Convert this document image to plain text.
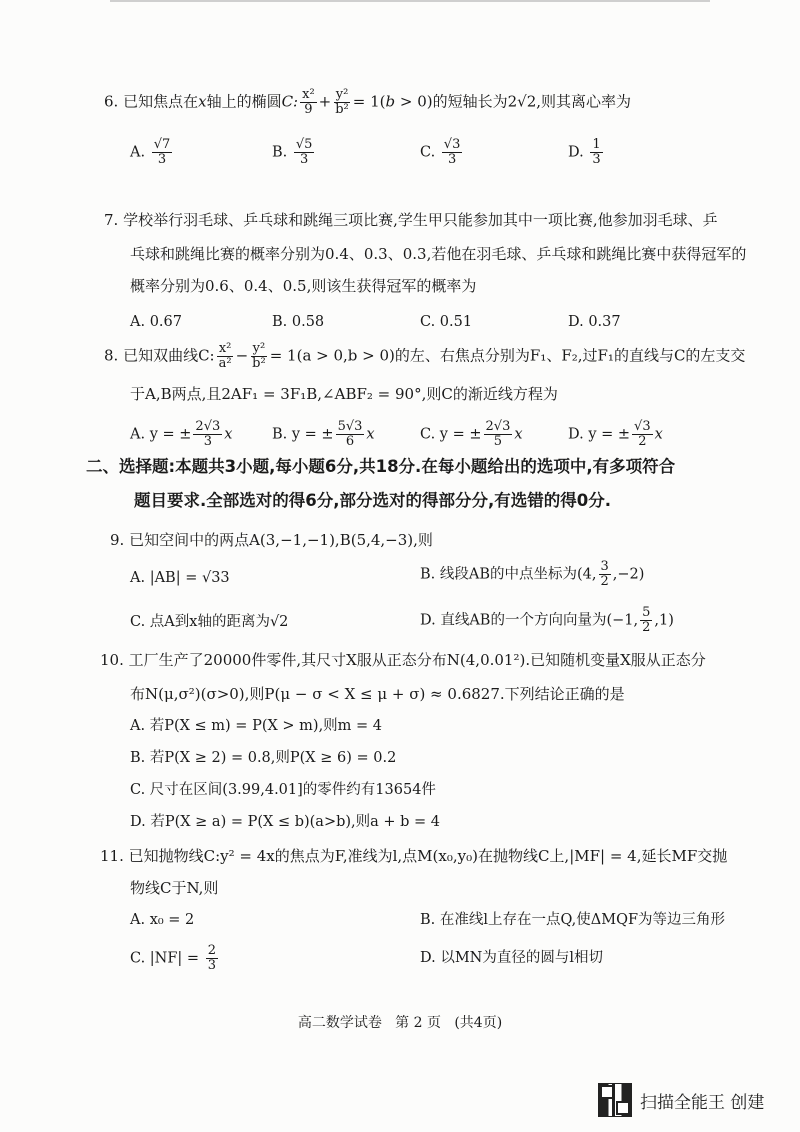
6. 已知焦点在x轴上的椭圆C: $\frac{\text{x²}}{9} + \frac{\text{y²}}{\text{b²}} = 1(b > 0)$的短轴长为2√2,则其离心率为
A. $\frac{√7}{3}$	B. $\frac{√5}{3}$	C. $\frac{√3}{3}$	D. $\frac{1}{3}$
7. 学校举行羽毛球、乒乓球和跳绳三项比赛,学生甲只能参加其中一项比赛,他参加羽毛球、乒
乓球和跳绳比赛的概率分别为0.4、0.3、0.3,若他在羽毛球、乒乓球和跳绳比赛中获得冠军的
概率分别为0.6、0.4、0.5,则该生获得冠军的概率为
A. 0.67	B. 0.58	C. 0.51	D. 0.37
8. 已知双曲线C: $\frac{\text{x²}}{\text{a²}} - \frac{\text{y²}}{\text{b²}} = 1(a > 0,b > 0)$的左、右焦点分别为F₁、F₂,过F₁的直线与C的左支交
于A,B两点,且2AF₁ = 3F₁B,∠ABF₂ = 90°,则C的渐近线方程为
A. y = ± $\frac{2√3}{3}$ x	B. y = ± $\frac{5√3}{6}$ x	C. y = ± $\frac{2√3}{5}$ x	D. y = ± $\frac{√3}{2}$ x
二、选择题:本题共3小题,每小题6分,共18分.在每小题给出的选项中,有多项符合
题目要求.全部选对的得6分,部分选对的得部分分,有选错的得0分.
9. 已知空间中的两点A(3,−1,−1),B(5,4,−3),则
A. |AB| = √33	B. 线段AB的中点坐标为(4, $\frac{3}{2} ,-2$)
C. 点A到x轴的距离为√2	D. 直线AB的一个方向向量为(−1, $\frac{5}{2} ,1$)
10. 工厂生产了20000件零件,其尺寸X服从正态分布N(4,0.01²).已知随机变量X服从正态分
布N(μ,σ²)(σ>0),则P(μ − σ < X ≤ μ + σ) ≈ 0.6827.下列结论正确的是
A. 若P(X ≤ m) = P(X > m),则m = 4
B. 若P(X ≥ 2) = 0.8,则P(X ≥ 6) = 0.2
C. 尺寸在区间(3.99,4.01]的零件约有13654件
D. 若P(X ≥ a) = P(X ≤ b)(a>b),则a + b = 4
11. 已知抛物线C:y² = 4x的焦点为F,准线为l,点M(x₀,y₀)在抛物线C上,|MF| = 4,延长MF交抛
物线C于N,则
A. x₀ = 2	B. 在准线l上存在一点Q,使ΔMQF为等边三角形
C. $|NF| = \frac{2}{3}$	D. 以MN为直径的圆与l相切
高二数学试卷   第 2 页   (共4页)
扫描全能王 创建
